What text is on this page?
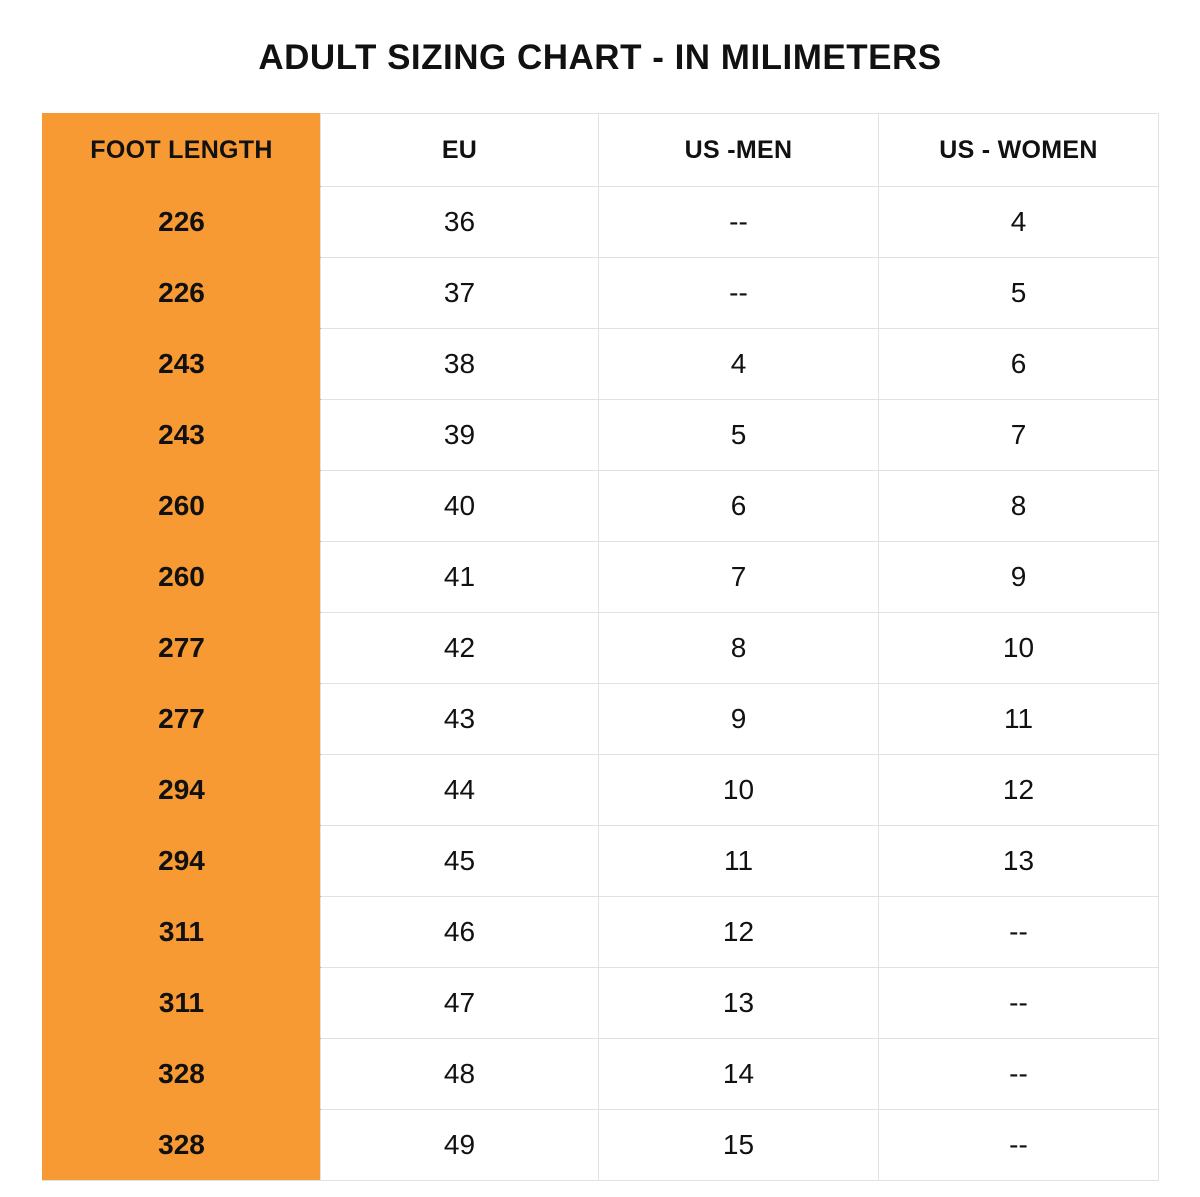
ADULT SIZING CHART - IN MILIMETERS
FOOT LENGTH	EU	US -MEN	US - WOMEN
226	36	--	4
226	37	--	5
243	38	4	6
243	39	5	7
260	40	6	8
260	41	7	9
277	42	8	10
277	43	9	11
294	44	10	12
294	45	11	13
311	46	12	--
311	47	13	--
328	48	14	--
328	49	15	--
